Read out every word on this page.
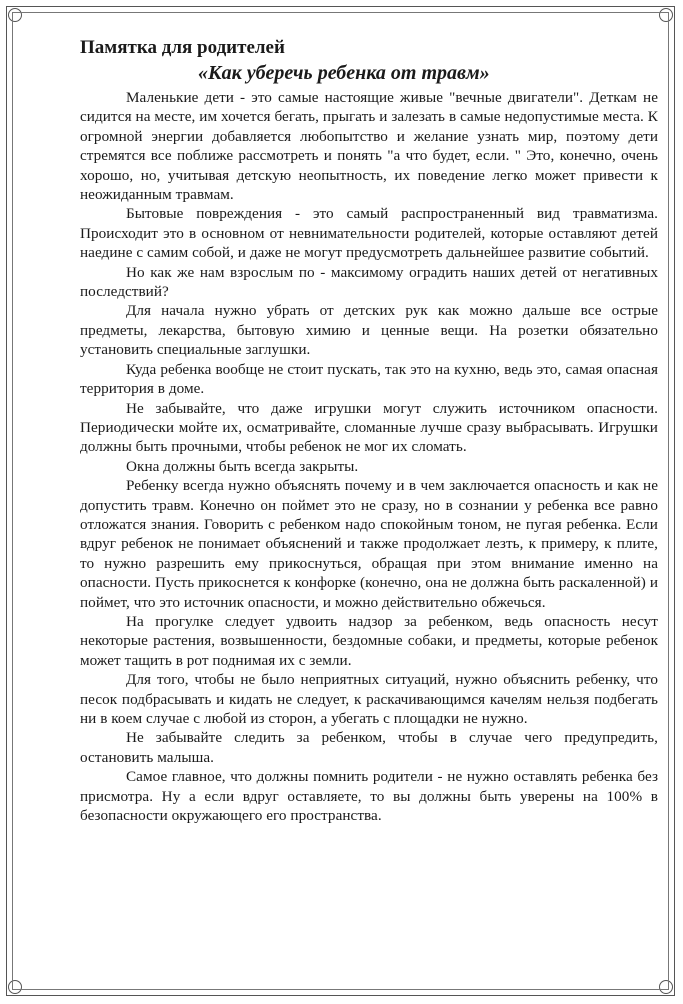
Памятка для родителей
«Как уберечь ребенка от травм»

Маленькие дети - это самые настоящие живые "вечные двигатели". Деткам не сидится на месте, им хочется бегать, прыгать и залезать в самые недопустимые места. К огромной энергии добавляется любопытство и желание узнать мир, поэтому дети стремятся все поближе рассмотреть и понять "а что будет, если. " Это, конечно, очень хорошо, но, учитывая детскую неопытность, их поведение легко может привести к неожиданным травмам.

Бытовые повреждения - это самый распространенный вид травматизма. Происходит это в основном от невнимательности родителей, которые оставляют детей наедине с самим собой, и даже не могут предусмотреть дальнейшее развитие событий.

Но как же нам взрослым по - максимому оградить наших детей от негативных последствий?

Для начала нужно убрать от детских рук как можно дальше все острые предметы, лекарства, бытовую химию и ценные вещи. На розетки обязательно установить специальные заглушки.

Куда ребенка вообще не стоит пускать, так это на кухню, ведь это, самая опасная территория в доме.

Не забывайте, что даже игрушки могут служить источником опасности. Периодически мойте их, осматривайте, сломанные лучше сразу выбрасывать. Игрушки должны быть прочными, чтобы ребенок не мог их сломать.

Окна должны быть всегда закрыты.

Ребенку всегда нужно объяснять почему и в чем заключается опасность и как не допустить травм. Конечно он поймет это не сразу, но в сознании у ребенка все равно отложатся знания. Говорить с ребенком надо спокойным тоном, не пугая ребенка. Если вдруг ребенок не понимает объяснений и также продолжает лезть, к примеру, к плите, то нужно разрешить ему прикоснуться, обращая при этом внимание именно на опасности. Пусть прикоснется к конфорке (конечно, она не должна быть раскаленной) и поймет, что это источник опасности, и можно действительно обжечься.

На прогулке следует удвоить надзор за ребенком, ведь опасность несут некоторые растения, возвышенности, бездомные собаки, и предметы, которые ребенок может тащить в рот поднимая их с земли.

Для того, чтобы не было неприятных ситуаций, нужно объяснить ребенку, что песок подбрасывать и кидать не следует, к раскачивающимся качелям нельзя подбегать ни в коем случае с любой из сторон, а убегать с площадки не нужно.

Не забывайте следить за ребенком, чтобы в случае чего предупредить, остановить малыша.

Самое главное, что должны помнить родители - не нужно оставлять ребенка без присмотра. Ну а если вдруг оставляете, то вы должны быть уверены на 100% в безопасности окружающего его пространства.
